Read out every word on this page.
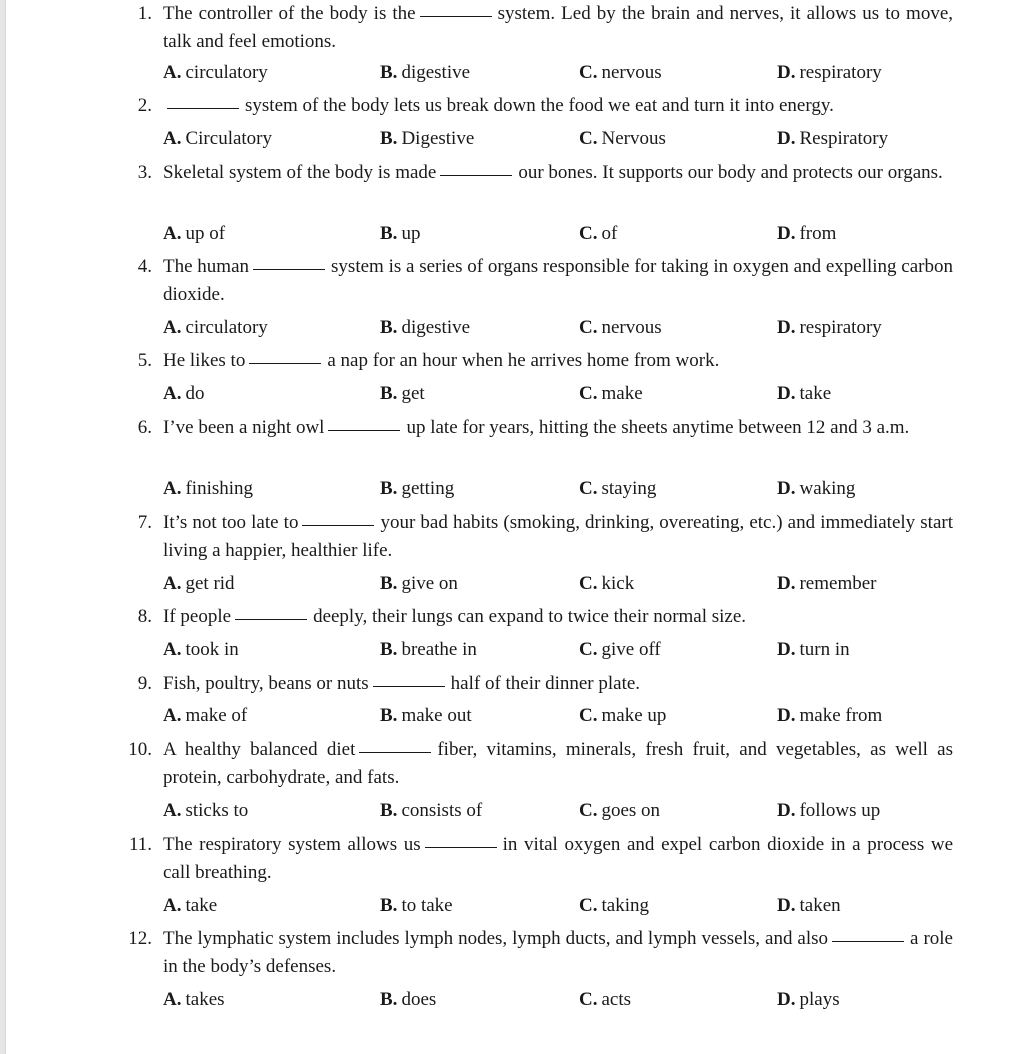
1. The controller of the body is the	system. Led by the brain and nerves, it allows us to move, talk and feel emotions.

A. circulatory	B. digestive	C. nervous	D. respiratory
2.	system of the body lets us break down the food we eat and turn it into energy.

A. Circulatory	B. Digestive	C. Nervous	D. Respiratory
3. Skeletal system of the body is made	our bones. It supports our body and protects our organs.

A. up of	B. up	C. of	D. from
4. The human	system is a series of organs responsible for taking in oxygen and expelling carbon dioxide.

A. circulatory	B. digestive	C. nervous	D. respiratory
5. He likes to	a nap for an hour when he arrives home from work.

A. do	B. get	C. make	D. take
6. I’ve been a night owl	up late for years, hitting the sheets anytime between 12 and 3 a.m.

A. finishing	B. getting	C. staying	D. waking
7. It’s not too late to	your bad habits (smoking, drinking, overeating, etc.) and immediately start living a happier, healthier life.

A. get rid	B. give on	C. kick	D. remember
8. If people	deeply, their lungs can expand to twice their normal size.

A. took in	B. breathe in	C. give off	D. turn in
9. Fish, poultry, beans or nuts	half of their dinner plate.

A. make of	B. make out	C. make up	D. make from
10. A healthy balanced diet	fiber, vitamins, minerals, fresh fruit, and vegetables, as well as protein, carbohydrate, and fats.

A. sticks to	B. consists of	C. goes on	D. follows up
11. The respiratory system allows us	in vital oxygen and expel carbon dioxide in a process we call breathing.

A. take	B. to take	C. taking	D. taken
12. The lymphatic system includes lymph nodes, lymph ducts, and lymph vessels, and also	a role in the body’s defenses.

A. takes	B. does	C. acts	D. plays
